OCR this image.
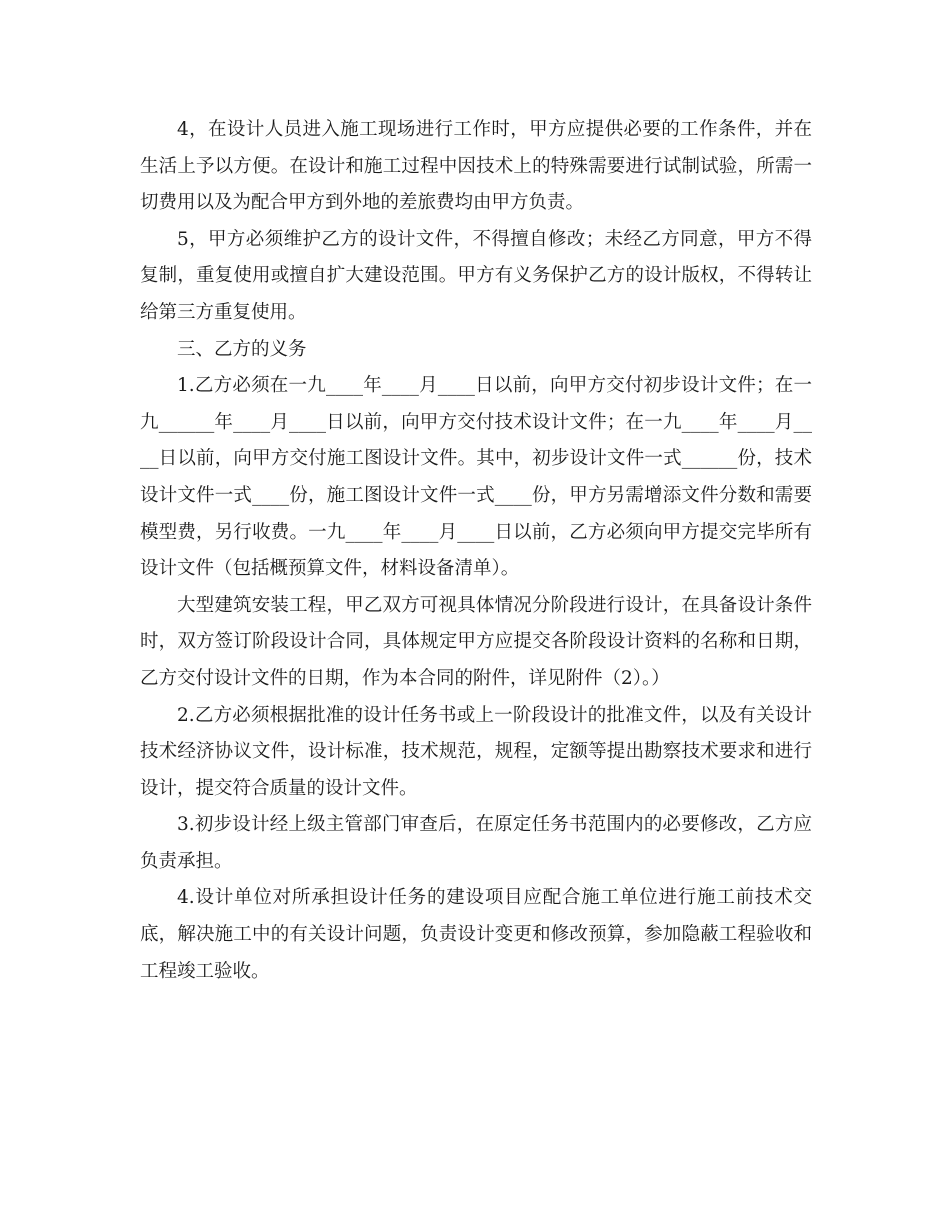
4，在设计人员进入施工现场进行工作时，甲方应提供必要的工作条件，并在生活上予以方便。在设计和施工过程中因技术上的特殊需要进行试制试验，所需一切费用以及为配合甲方到外地的差旅费均由甲方负责。

5，甲方必须维护乙方的设计文件，不得擅自修改；未经乙方同意，甲方不得复制，重复使用或擅自扩大建设范围。甲方有义务保护乙方的设计版权，不得转让给第三方重复使用。

三、乙方的义务

1.乙方必须在一九____年____月____日以前，向甲方交付初步设计文件；在一九______年____月____日以前，向甲方交付技术设计文件；在一九____年____月____日以前，向甲方交付施工图设计文件。其中，初步设计文件一式______份，技术设计文件一式____份，施工图设计文件一式____份，甲方另需增添文件分数和需要模型费，另行收费。一九____年____月____日以前，乙方必须向甲方提交完毕所有设计文件（包括概预算文件，材料设备清单）。

大型建筑安装工程，甲乙双方可视具体情况分阶段进行设计，在具备设计条件时，双方签订阶段设计合同，具体规定甲方应提交各阶段设计资料的名称和日期，乙方交付设计文件的日期，作为本合同的附件，详见附件（2）。）

2.乙方必须根据批准的设计任务书或上一阶段设计的批准文件，以及有关设计技术经济协议文件，设计标准，技术规范，规程，定额等提出勘察技术要求和进行设计，提交符合质量的设计文件。

3.初步设计经上级主管部门审查后，在原定任务书范围内的必要修改，乙方应负责承担。

4.设计单位对所承担设计任务的建设项目应配合施工单位进行施工前技术交底，解决施工中的有关设计问题，负责设计变更和修改预算，参加隐蔽工程验收和工程竣工验收。
